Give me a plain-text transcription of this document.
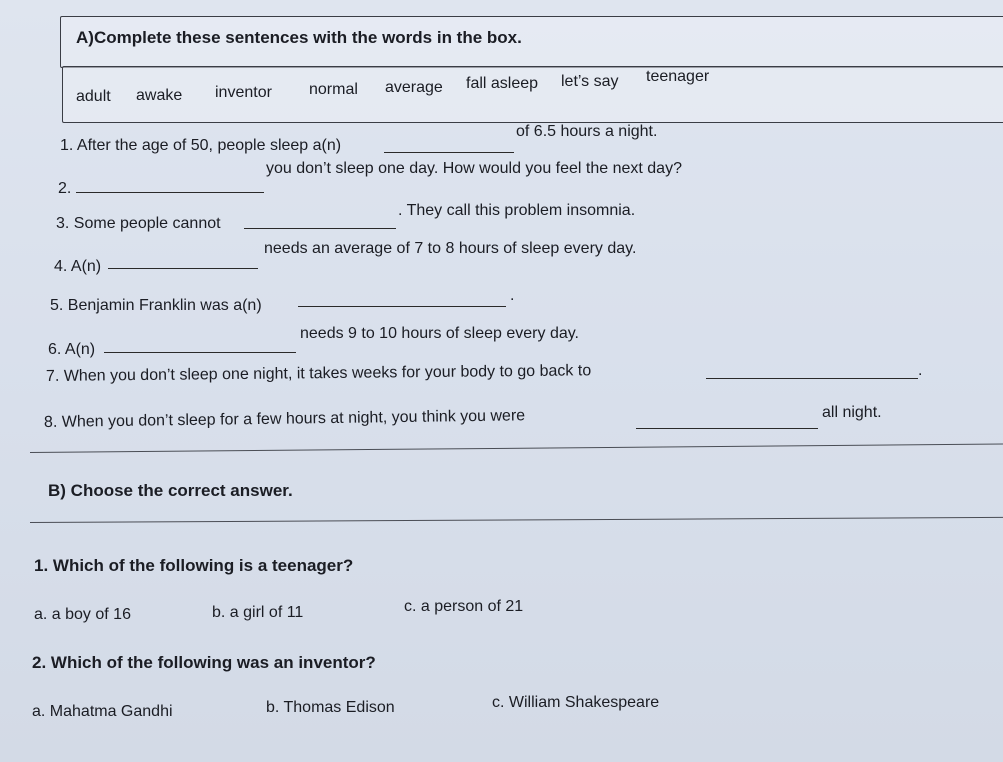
A)Complete these sentences with the words in the box.
adult awake inventor normal average fall asleep let’s say teenager
1. After the age of 50, people sleep a(n)
of 6.5 hours a night.
2.
you don’t sleep one day. How would you feel the next day?
3. Some people cannot
. They call this problem insomnia.
4. A(n)
needs an average of 7 to 8 hours of sleep every day.
5. Benjamin Franklin was a(n)
.
6. A(n)
needs 9 to 10 hours of sleep every day.
7. When you don’t sleep one night, it takes weeks for your body to go back to	.
8. When you don’t sleep for a few hours at night, you think you were	all night.
B) Choose the correct answer.
1. Which of the following is a teenager?
a. a boy of 16	b. a girl of 11	c. a person of 21
2. Which of the following was an inventor?
a. Mahatma Gandhi	b. Thomas Edison	c. William Shakespeare
